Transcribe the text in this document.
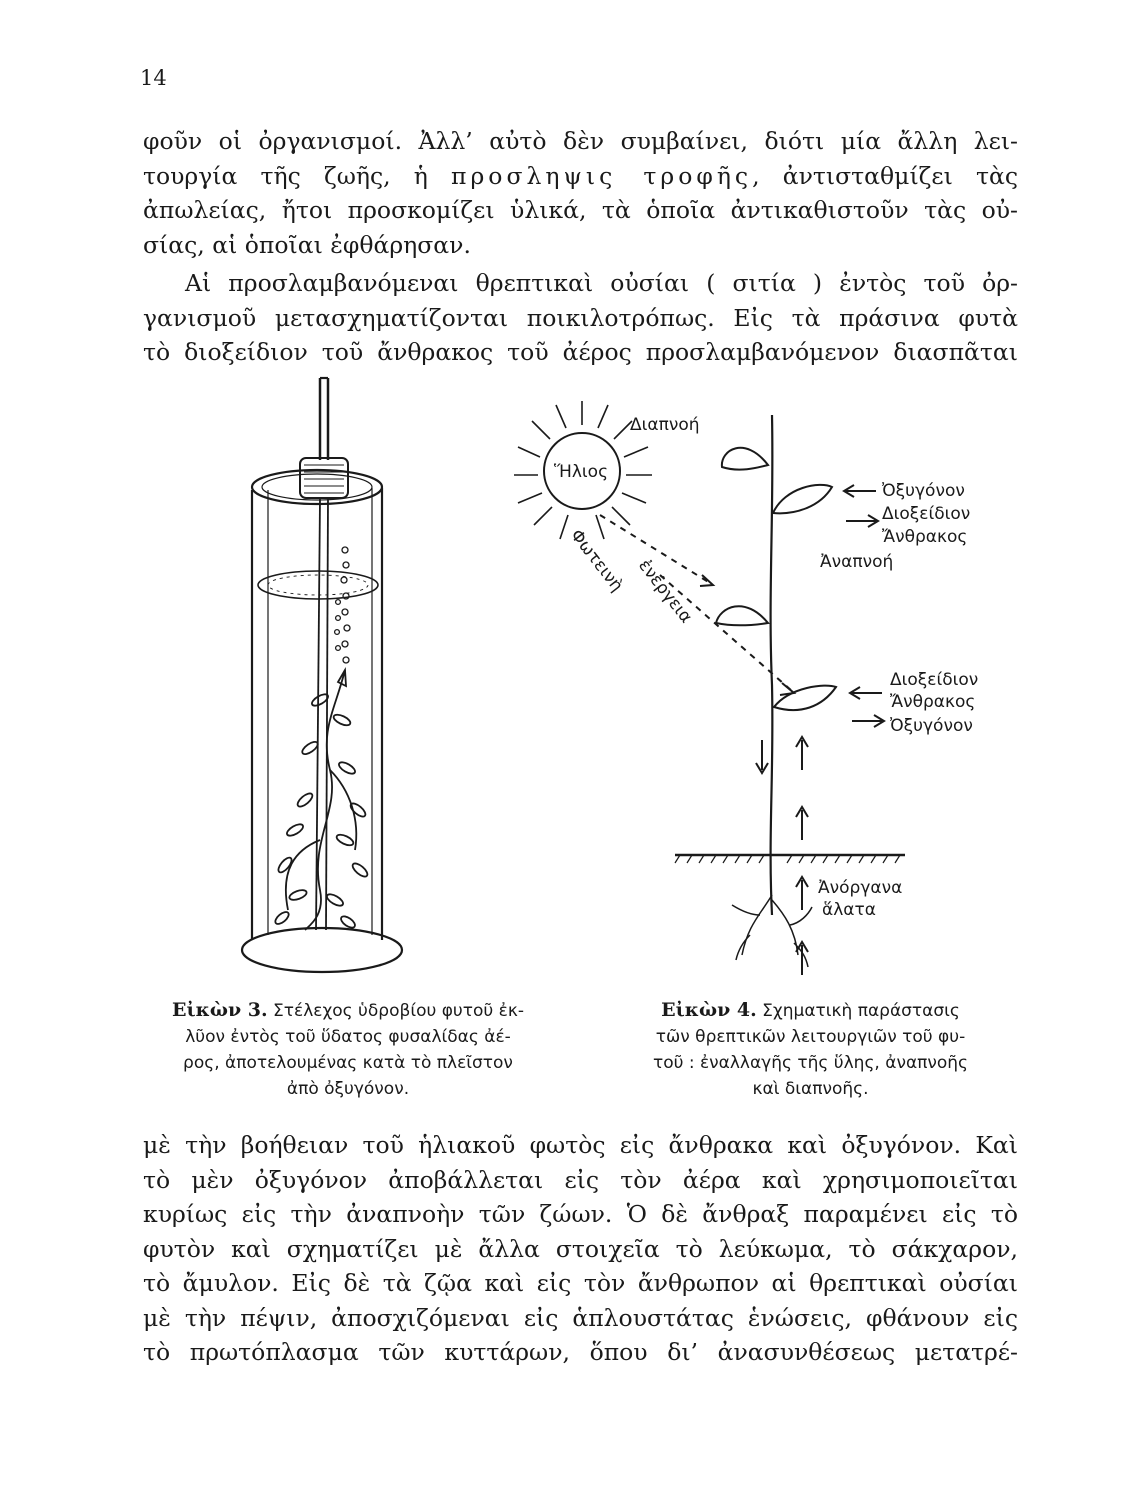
14
φοῦν οἱ ὀργανισμοί. Ἀλλ’ αὐτὸ δὲν συμβαίνει, διότι μία ἄλλη λει-
τουργία τῆς ζωῆς, ἡ προσληψις τροφῆς, ἀντισταθμίζει τὰς
ἀπωλείας, ἤτοι προσκομίζει ὑλικά, τὰ ὁποῖα ἀντικαθιστοῦν τὰς οὐ-
σίας, αἱ ὁποῖαι ἐφθάρησαν.
Αἱ προσλαμβανόμεναι θρεπτικαὶ οὐσίαι ( σιτία ) ἐντὸς τοῦ ὀρ-
γανισμοῦ μετασχηματίζονται ποικιλοτρόπως. Εἰς τὰ πράσινα φυτὰ
τὸ διοξείδιον τοῦ ἄνθρακος τοῦ ἀέρος προσλαμβανόμενον διασπᾶται
Ἥλιος
Διαπνοή
Ὀξυγόνον
Διοξείδιον
Ἄνθρακος
Ἀναπνοή
Φωτεινὴ ἐνέργεια
Διοξείδιον
Ἄνθρακος
Ὀξυγόνον
Ἀνόργανα
ἅλατα
Εἰκὼν 3. Στέλεχος ὑδροβίου φυτοῦ ἐκ-
λῦον ἐντὸς τοῦ ὕδατος φυσαλίδας ἀέ-
ρος, ἀποτελουμένας κατὰ τὸ πλεῖστον
ἀπὸ ὀξυγόνον.
Εἰκὼν 4. Σχηματικὴ παράστασις
τῶν θρεπτικῶν λειτουργιῶν τοῦ φυ-
τοῦ : ἐναλλαγῆς τῆς ὕλης, ἀναπνοῆς
καὶ διαπνοῆς.
μὲ τὴν βοήθειαν τοῦ ἡλιακοῦ φωτὸς εἰς ἄνθρακα καὶ ὀξυγόνον. Καὶ
τὸ μὲν ὀξυγόνον ἀποβάλλεται εἰς τὸν ἀέρα καὶ χρησιμοποιεῖται
κυρίως εἰς τὴν ἀναπνοὴν τῶν ζώων. Ὁ δὲ ἄνθραξ παραμένει εἰς τὸ
φυτὸν καὶ σχηματίζει μὲ ἄλλα στοιχεῖα τὸ λεύκωμα, τὸ σάκχαρον,
τὸ ἄμυλον. Εἰς δὲ τὰ ζῷα καὶ εἰς τὸν ἄνθρωπον αἱ θρεπτικαὶ οὐσίαι
μὲ τὴν πέψιν, ἀποσχιζόμεναι εἰς ἁπλουστάτας ἑνώσεις, φθάνουν εἰς
τὸ πρωτόπλασμα τῶν κυττάρων, ὅπου δι’ ἀνασυνθέσεως μετατρέ-
